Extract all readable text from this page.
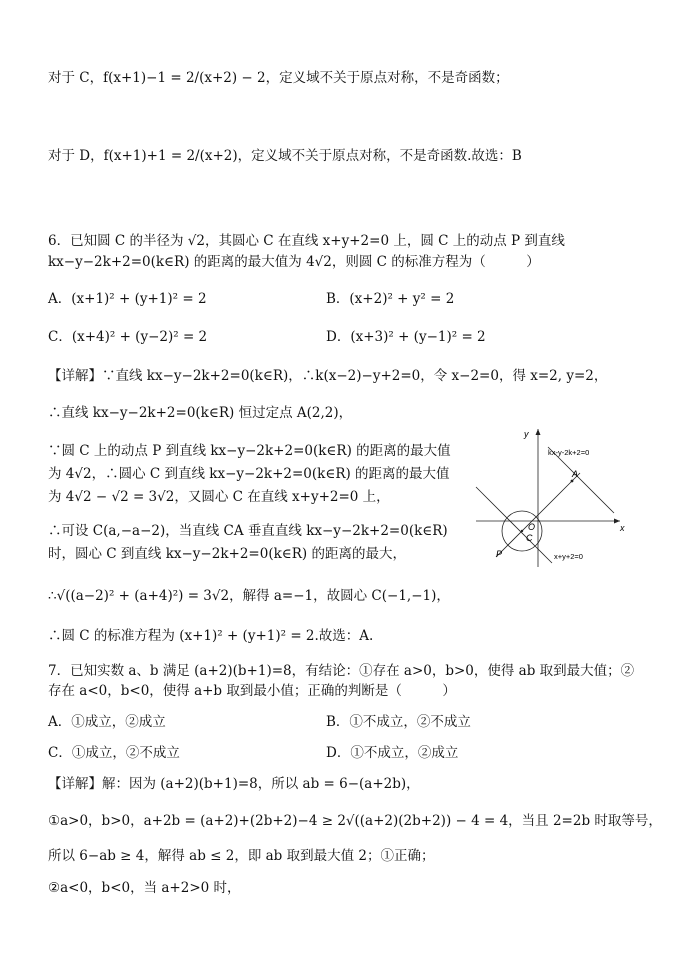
对于 C，f(x+1)−1 = 2/(x+2) − 2，定义域不关于原点对称，不是奇函数；
对于 D，f(x+1)+1 = 2/(x+2)，定义域不关于原点对称，不是奇函数.故选：B
6．已知圆 C 的半径为 √2，其圆心 C 在直线 x+y+2=0 上，圆 C 上的动点 P 到直线
kx−y−2k+2=0(k∈R) 的距离的最大值为 4√2，则圆 C 的标准方程为（　　　）
A．(x+1)² + (y+1)² = 2	B．(x+2)² + y² = 2
C．(x+4)² + (y−2)² = 2	D．(x+3)² + (y−1)² = 2
【详解】∵直线 kx−y−2k+2=0(k∈R)，∴k(x−2)−y+2=0，令 x−2=0，得 x=2, y=2，
∴直线 kx−y−2k+2=0(k∈R) 恒过定点 A(2,2)，
∵圆 C 上的动点 P 到直线 kx−y−2k+2=0(k∈R) 的距离的最大值
为 4√2，∴圆心 C 到直线 kx−y−2k+2=0(k∈R) 的距离的最大值
为 4√2 − √2 = 3√2，又圆心 C 在直线 x+y+2=0 上，
∴可设 C(a,−a−2)，当直线 CA 垂直直线 kx−y−2k+2=0(k∈R)
时，圆心 C 到直线 kx−y−2k+2=0(k∈R) 的距离的最大，
∴√((a−2)² + (a+4)²) = 3√2，解得 a=−1，故圆心 C(−1,−1)，
∴圆 C 的标准方程为 (x+1)² + (y+1)² = 2.故选：A.
7．已知实数 a、b 满足 (a+2)(b+1)=8，有结论：①存在 a>0，b>0，使得 ab 取到最大值；②
存在 a<0，b<0，使得 a+b 取到最小值；正确的判断是（　　　）
A．①成立，②成立	B．①不成立，②不成立
C．①成立，②不成立	D．①不成立，②成立
【详解】解：因为 (a+2)(b+1)=8，所以 ab = 6−(a+2b)，
①a>0，b>0，a+2b = (a+2)+(2b+2)−4 ≥ 2√((a+2)(2b+2)) − 4 = 4，当且 2=2b 时取等号，
所以 6−ab ≥ 4，解得 ab ≤ 2，即 ab 取到最大值 2；①正确；
②a<0，b<0，当 a+2>0 时，
y
x
O
kx-y-2k+2=0
x+y+2=0
A
C
P
